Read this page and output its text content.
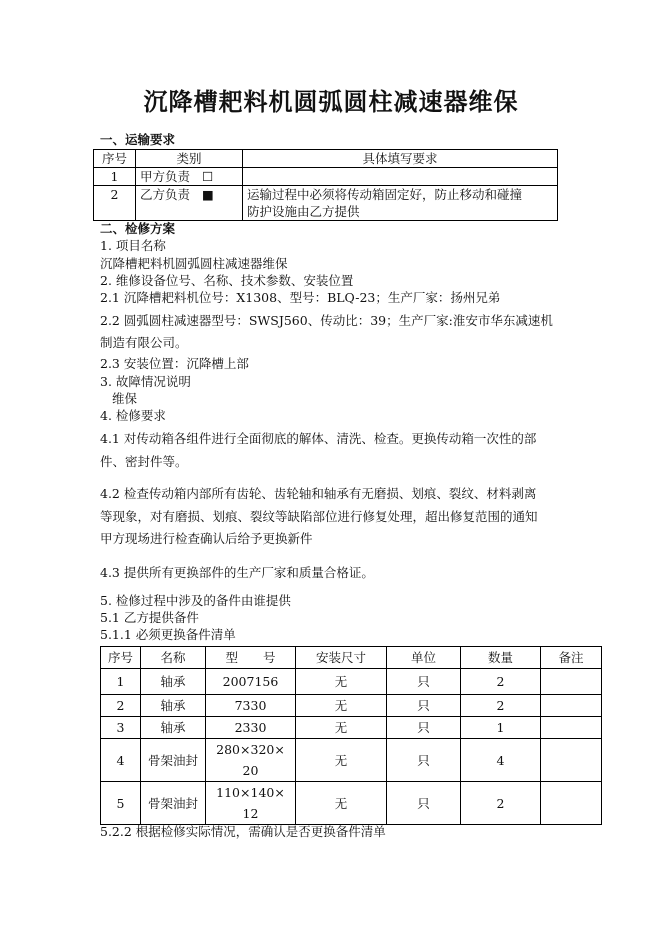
沉降槽耙料机圆弧圆柱减速器维保
一、运输要求
序号	类别	具体填写要求
1	甲方负责 ☐	
2	乙方负责 ■	运输过程中必须将传动箱固定好，防止移动和碰撞
防护设施由乙方提供
二、检修方案
1. 项目名称
沉降槽耙料机圆弧圆柱减速器维保
2. 维修设备位号、名称、技术参数、安装位置
2.1 沉降槽耙料机位号：X1308、型号：BLQ-23；生产厂家：扬州兄弟
2.2 圆弧圆柱减速器型号：SWSJ560、传动比：39；生产厂家:淮安市华东减速机
制造有限公司。
2.3 安装位置：沉降槽上部
3. 故障情况说明
维保
4. 检修要求
4.1 对传动箱各组件进行全面彻底的解体、清洗、检查。更换传动箱一次性的部
件、密封件等。
4.2 检查传动箱内部所有齿轮、齿轮轴和轴承有无磨损、划痕、裂纹、材料剥离
等现象，对有磨损、划痕、裂纹等缺陷部位进行修复处理，超出修复范围的通知
甲方现场进行检查确认后给予更换新件
4.3 提供所有更换部件的生产厂家和质量合格证。
5. 检修过程中涉及的备件由谁提供
5.1 乙方提供备件
5.1.1 必须更换备件清单
序号	名称	型　　号	安装尺寸	单位	数量	备注
1	轴承	2007156	无	只	2	
2	轴承	7330	无	只	2	
3	轴承	2330	无	只	1	
4	骨架油封	280×320×
20	无	只	4	
5	骨架油封	110×140×
12	无	只	2	
5.2.2 根据检修实际情况，需确认是否更换备件清单
